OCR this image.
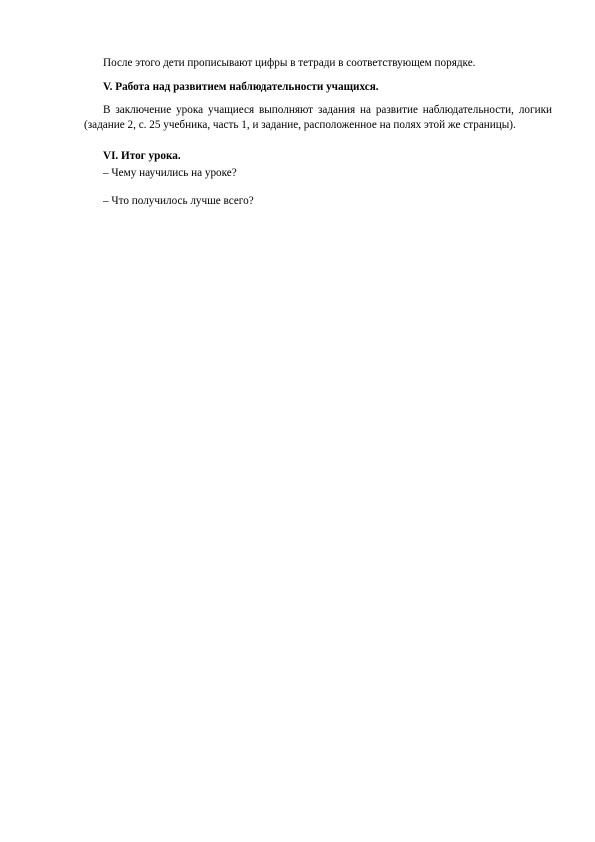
После этого дети прописывают цифры в тетради в соответствующем порядке.

V. Работа над развитием наблюдательности учащихся.

В заключение урока учащиеся выполняют задания на развитие наблюдательности, логики (задание 2, с. 25 учебника, часть 1, и задание, расположенное на полях этой же страницы).

VI. Итог урока.

– Чему научились на уроке?

– Что получилось лучше всего?
